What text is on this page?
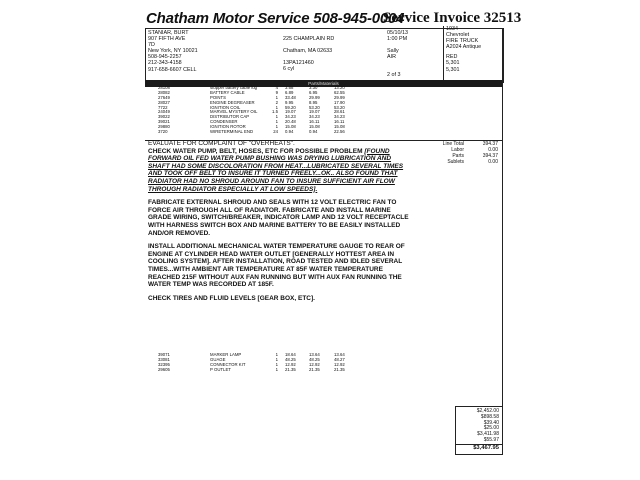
Chatham Motor Service 508-945-0004
Service Invoice 32513
STANIAR, BURT
907 FIFTH AVE
7D
New York, NY 10021
508-945-2257
212-343-4158
917-658-6607 CELL
225 CHAMPLAIN RD
Chatham, MA 02633
13PA121460
6 cyl
05/10/13
1:00 PM
Sally
AIR
2 of 3
1934
Chevrolet
FIRE TRUCK
A2024 Antique
RED
5,301
5,301
Parts/Materials
28108	stopper battery cable lug	4 3.68	3.30	13.20
28082	BATTERY CABLE	9 6.89	6.95	62.55
27649	POINTS	1 33.48	29.99	29.99
28027	ENGINE DEGREASER	2 9.95	8.95	17.90
7722	IGNITION COIL	1 59.20	53.20	53.20
24049	MARVEL MYSTERY OIL	1.5 19.07	19.07	28.61
39022	DISTRIBUTOR CAP	1 34.23	34.23	34.23
39021	CONDENSER	1 20.48	16.11	16.11
29880	IGNITION ROTOR	1 15.08	15.08	15.08
3720	WIRETERMINAL END	24 0.94	0.94	22.56
Line Total	394.37
Labor	0.00
Parts	394.37
Sublets	0.00

EVALUATE FOR COMPLAINT OF "OVERHEATS".

CHECK WATER PUMP, BELT, HOSES, ETC FOR POSSIBLE PROBLEM [FOUND FORWARD OIL FED WATER PUMP BUSHING WAS DRYING LUBRICATION AND SHAFT HAD SOME DISCOLORATION FROM HEAT...LUBRICATED SEVERAL TIMES AND TOOK OFF BELT TO INSURE IT TURNED FREELY...OK.. ALSO FOUND THAT RADIATOR HAD NO SHROUD AROUND FAN TO INSURE SUFFICIENT AIR FLOW THROUGH RADIATOR ESPECIALLY AT LOW SPEEDS].

FABRICATE EXTERNAL SHROUD AND SEALS WITH 12 VOLT ELECTRIC FAN TO FORCE AIR THROUGH ALL OF RADIATOR. FABRICATE AND INSTALL MARINE GRADE WIRING, SWITCH/BREAKER, INDICATOR LAMP AND 12 VOLT RECEPTACLE WITH HARNESS SWITCH BOX AND MARINE BATTERY TO BE EASILY INSTALLED AND/OR REMOVED.

INSTALL ADDITIONAL MECHANICAL WATER TEMPERATURE GAUGE TO REAR OF ENGINE AT CYLINDER HEAD WATER OUTLET [GENERALLY HOTTEST AREA IN COOLING SYSTEM]. AFTER INSTALLATION, ROAD TESTED AND IDLED SEVERAL TIMES...WITH AMBIENT AIR TEMPERATURE AT 85F WATER TEMPERATURE REACHED 215F WITHOUT AUX FAN RUNNING BUT WITH AUX FAN RUNNING THE WATER TEMP WAS RECORDED AT 185F.

CHECK TIRES AND FLUID LEVELS [GEAR BOX, ETC].

39071	MARKER LAMP	1 18.64	13.64	13.64
33081	GUAGE	1 48.25	48.25	48.27
32395	CONNECTOR KIT	1 12.92	12.92	12.92
29605	P OUTLET	1 21.35	21.35	21.35
$2,452.00
$898.58
$39.40
$25.00
$3,411.98
$55.97
$3,467.95
